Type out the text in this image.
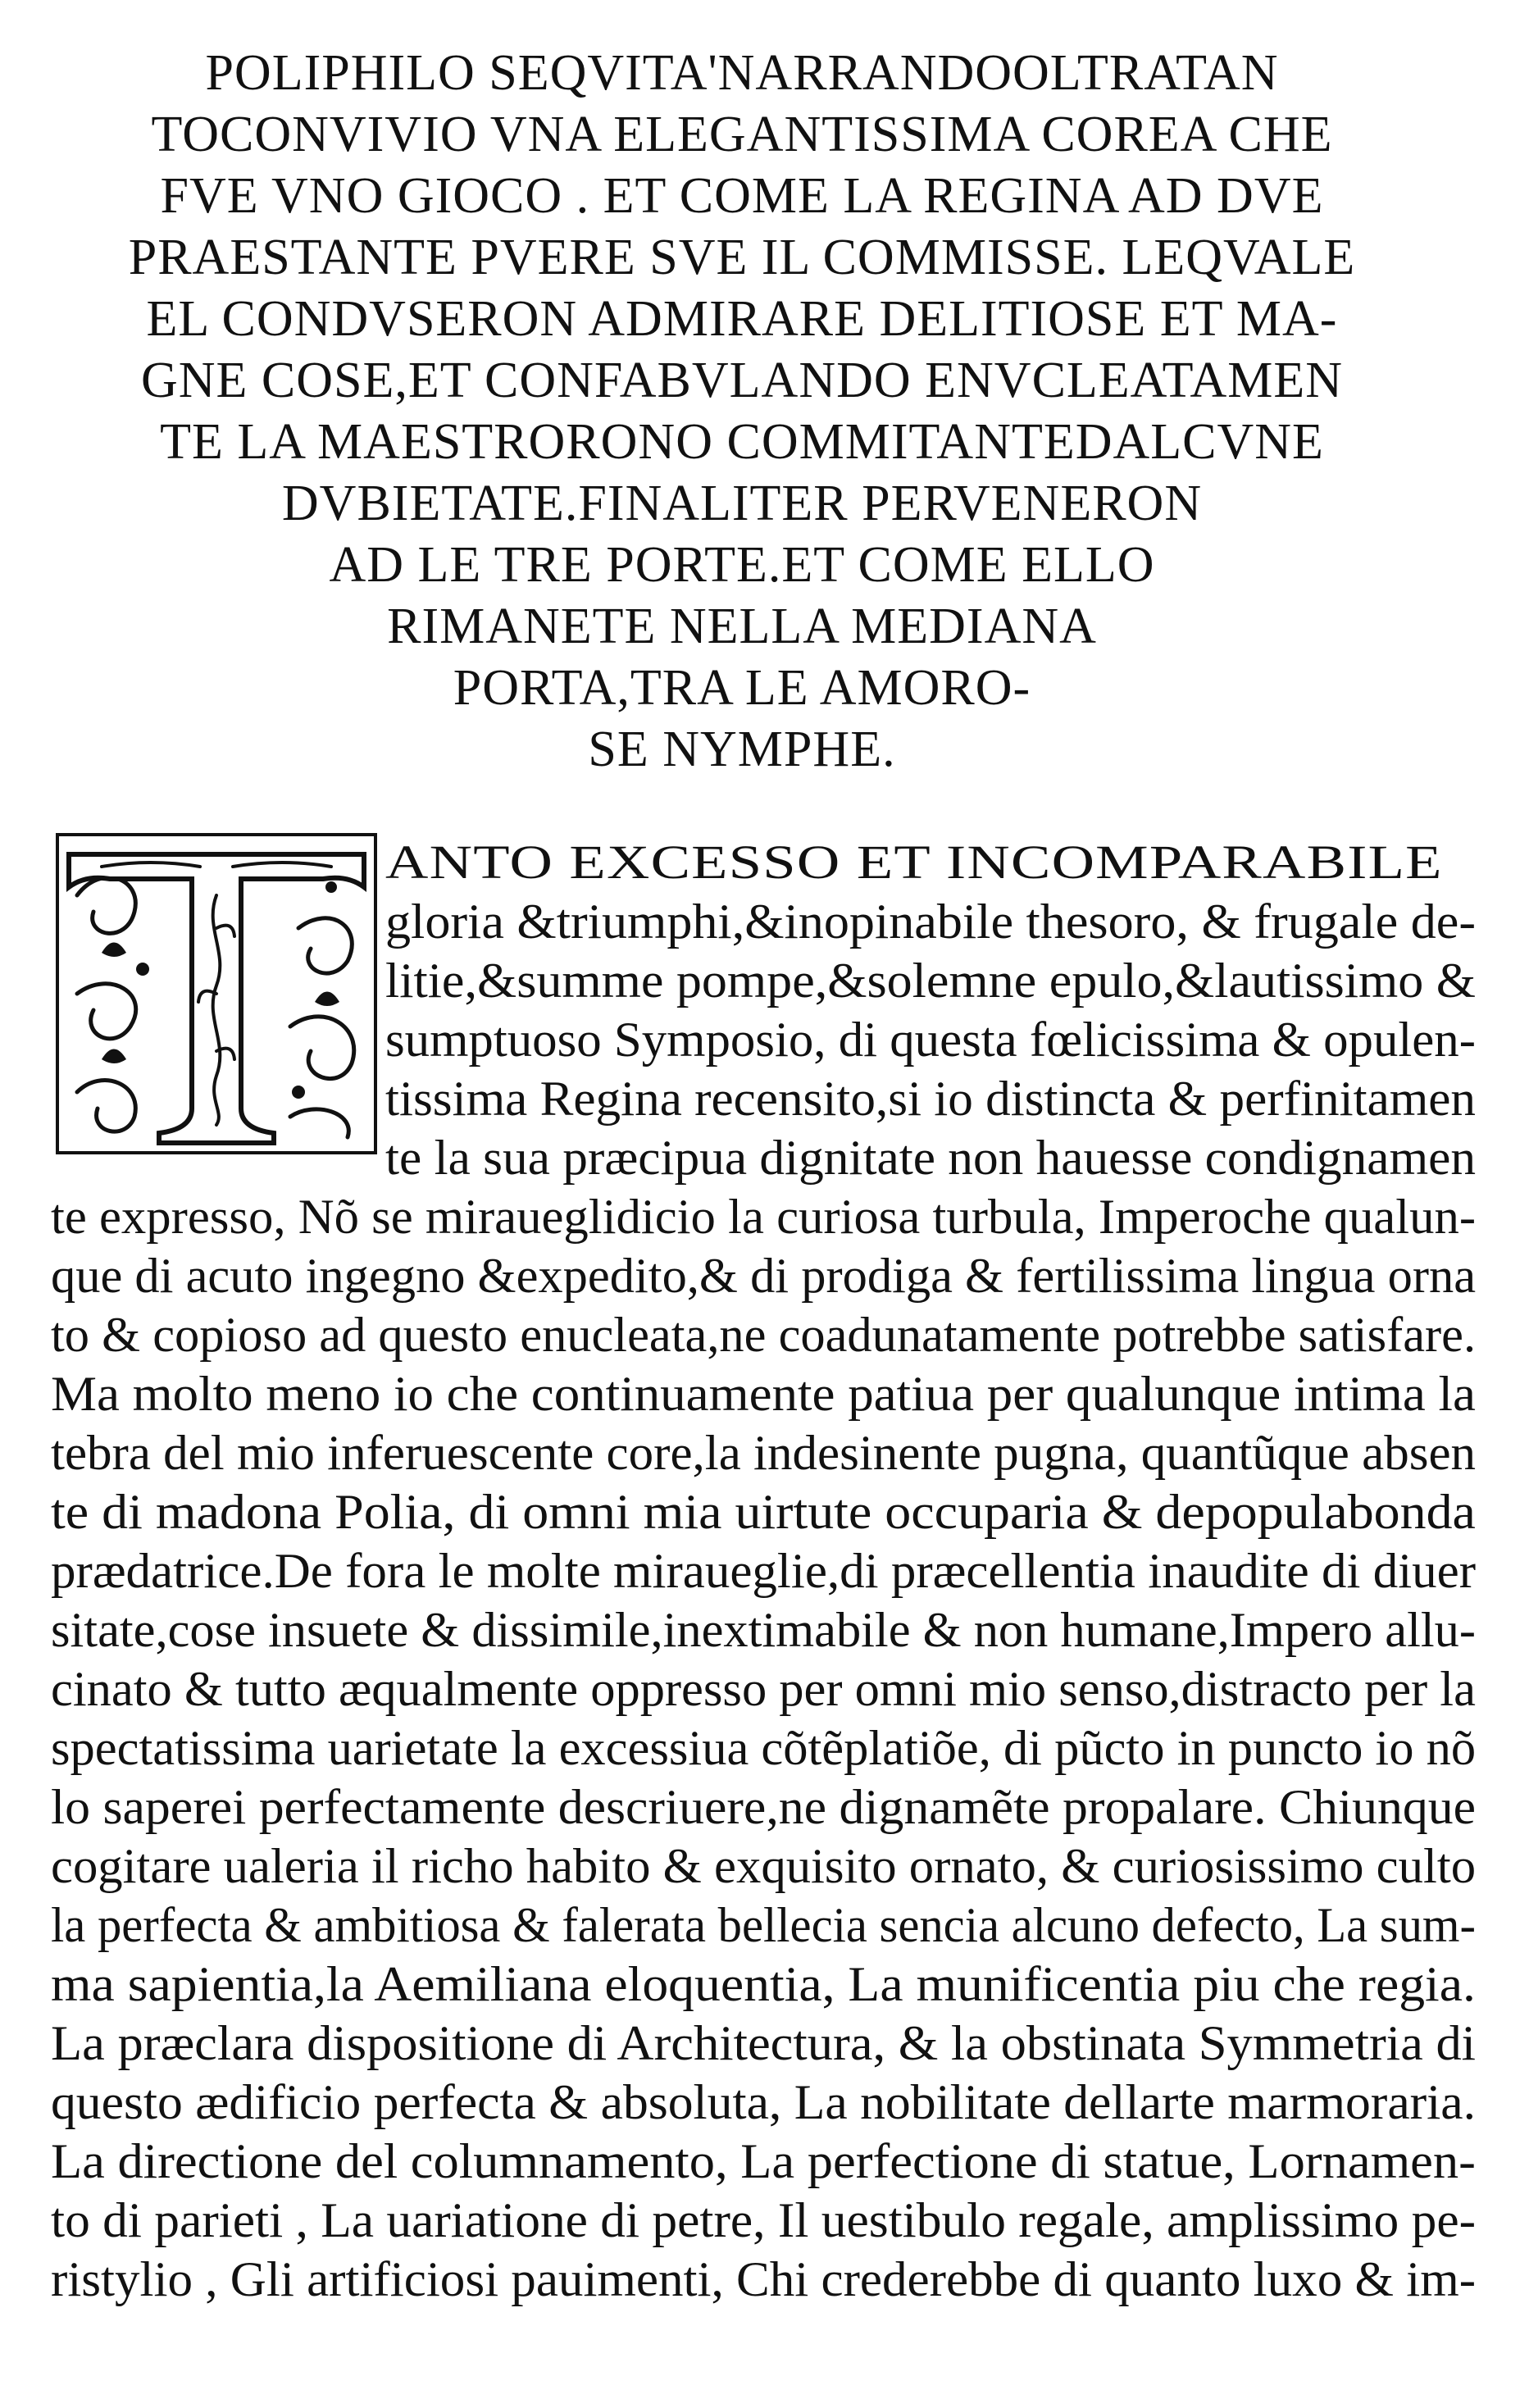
POLIPHILO SEQVITA'NARRANDOOLTRATAN
TOCONVIVIO VNA ELEGANTISSIMA COREA CHE
FVE VNO GIOCO . ET COME LA REGINA AD DVE
PRAESTANTE PVERE SVE IL COMMISSE. LEQVALE
EL CONDVSERON ADMIRARE DELITIOSE ET MA-
GNE COSE,ET CONFABVLANDO ENVCLEATAMEN
TE LA MAESTRORONO COMMITANTEDALCVNE
DVBIETATE.FINALITER PERVENERON
AD LE TRE PORTE.ET COME ELLO
RIMANETE NELLA MEDIANA
PORTA,TRA LE AMORO-
SE NYMPHE.
ANTO EXCESSO ET INCOMPARABILE
gloria &triumphi,&inopinabile thesoro, & frugale de-
litie,&summe pompe,&solemne epulo,&lautissimo &
sumptuoso Symposio, di questa fœlicissima & opulen-
tissima Regina recensito,si io distincta & perfinitamen
te la sua præcipua dignitate non hauesse condignamen
te expresso, Nõ se miraueglidicio la curiosa turbula, Imperoche qualun-
que di acuto ingegno &expedito,& di prodiga & fertilissima lingua orna
to & copioso ad questo enucleata,ne coadunatamente potrebbe satisfare.
Ma molto meno io che continuamente patiua per qualunque intima la
tebra del mio inferuescente core,la indesinente pugna, quantũque absen
te di madona Polia, di omni mia uirtute occuparia & depopulabonda
prædatrice.De fora le molte miraueglie,di præcellentia inaudite di diuer
sitate,cose insuete & dissimile,inextimabile & non humane,Impero allu-
cinato & tutto æqualmente oppresso per omni mio senso,distracto per la
spectatissima uarietate la excessiua cõtẽplatiõe, di pũcto in puncto io nõ
lo saperei perfectamente descriuere,ne dignamẽte propalare. Chiunque
cogitare ualeria il richo habito & exquisito ornato, & curiosissimo culto
la perfecta & ambitiosa & falerata bellecia sencia alcuno defecto, La sum-
ma sapientia,la Aemiliana eloquentia, La munificentia piu che regia.
La præclara dispositione di Architectura, & la obstinata Symmetria di
questo ædificio perfecta & absoluta, La nobilitate dellarte marmoraria.
La directione del columnamento, La perfectione di statue, Lornamen-
to di parieti , La uariatione di petre, Il uestibulo regale, amplissimo pe-
ristylio , Gli artificiosi pauimenti, Chi crederebbe di quanto luxo & im-
